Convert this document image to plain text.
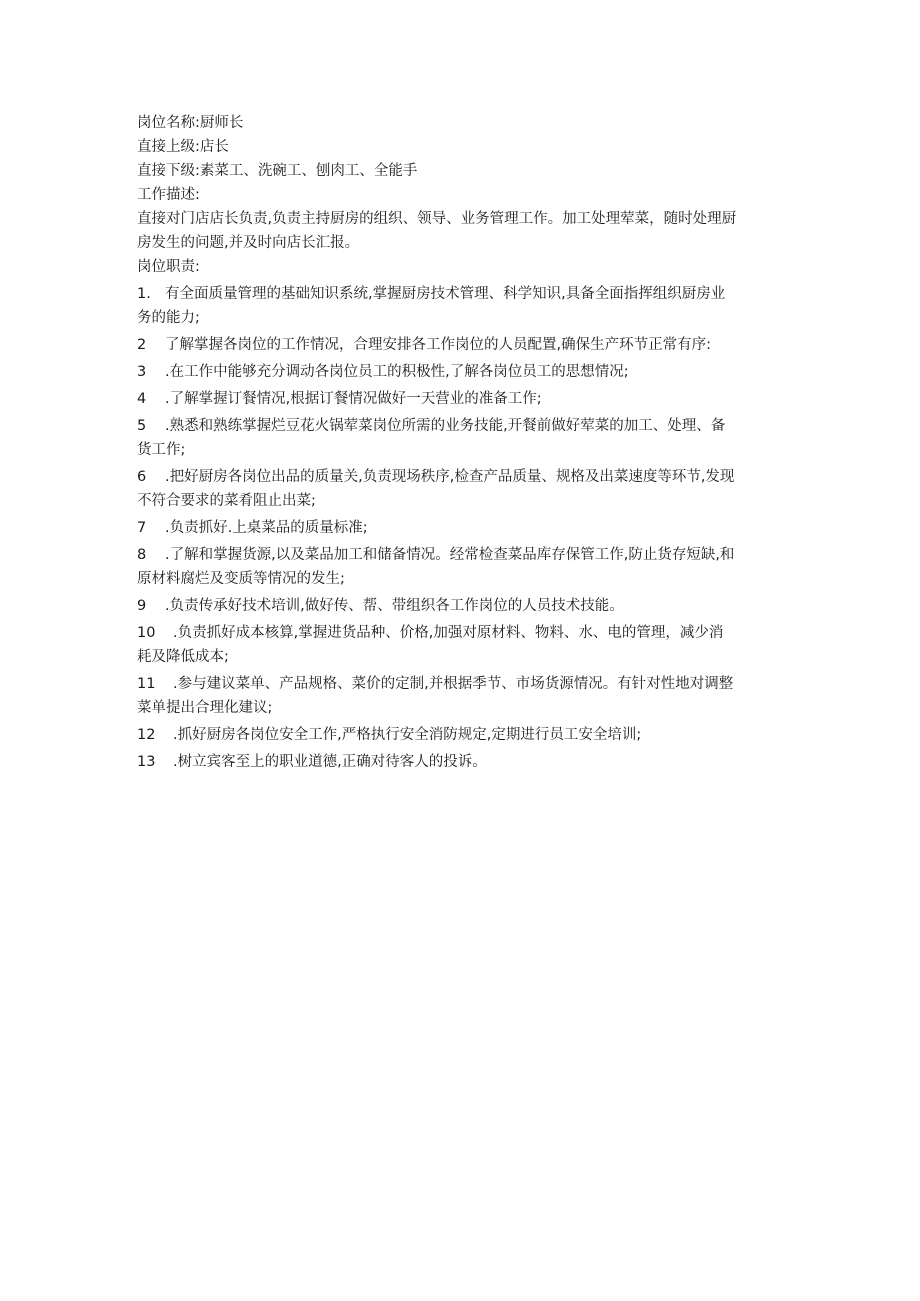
岗位名称:厨师长
直接上级:店长
直接下级:素菜工、洗碗工、刨肉工、全能手
工作描述:
直接对门店店长负责,负责主持厨房的组织、领导、业务管理工作。加工处理荤菜，随时处理厨房发生的问题,并及时向店长汇报。
岗位职责:
1. 有全面质量管理的基础知识系统,掌握厨房技术管理、科学知识,具备全面指挥组织厨房业务的能力;
2 了解掌握各岗位的工作情况，合理安排各工作岗位的人员配置,确保生产环节正常有序:
3 .在工作中能够充分调动各岗位员工的积极性,了解各岗位员工的思想情况;
4 .了解掌握订餐情况,根据订餐情况做好一天营业的准备工作;
5 .熟悉和熟练掌握烂豆花火锅荤菜岗位所需的业务技能,开餐前做好荤菜的加工、处理、备货工作;
6 .把好厨房各岗位出品的质量关,负责现场秩序,检查产品质量、规格及出菜速度等环节,发现不符合要求的菜肴阻止出菜;
7 .负责抓好.上桌菜品的质量标准;
8 .了解和掌握货源,以及菜品加工和储备情况。经常检查菜品库存保管工作,防止货存短缺,和原材料腐烂及变质等情况的发生;
9 .负责传承好技术培训,做好传、帮、带组织各工作岗位的人员技术技能。
10 .负责抓好成本核算,掌握进货品种、价格,加强对原材料、物料、水、电的管理，减少消耗及降低成本;
11 .参与建议菜单、产品规格、菜价的定制,并根据季节、市场货源情况。有针对性地对调整菜单提出合理化建议;
12 .抓好厨房各岗位安全工作,严格执行安全消防规定,定期进行员工安全培训;
13 .树立宾客至上的职业道德,正确对待客人的投诉。
